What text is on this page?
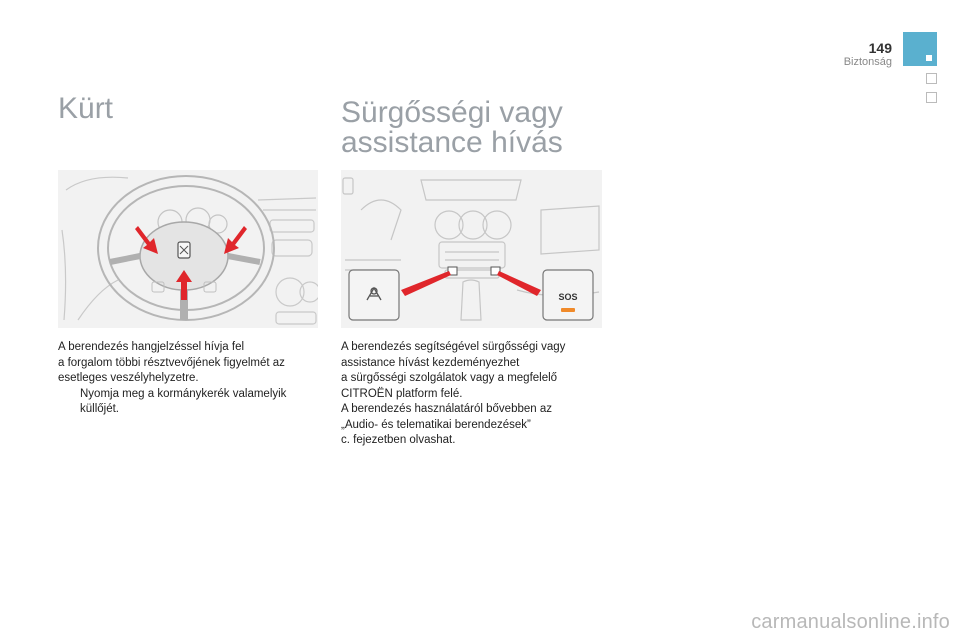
149
Biztonság
Kürt	Sürgősségi vagy
assistance hívás
SOS

A berendezés hangjelzéssel hívja fel

a forgalom többi résztvevőjének figyelmét az

esetleges veszélyhelyzetre.

Nyomja meg a kormánykerék valamelyik

küllőjét.

A berendezés segítségével sürgősségi vagy

assistance hívást kezdeményezhet

a sürgősségi szolgálatok vagy a megfelelő

CITROËN platform felé.

A berendezés használatáról bővebben az

„Audio- és telematikai berendezések”

c. fejezetben olvashat.

carmanualsonline.info
